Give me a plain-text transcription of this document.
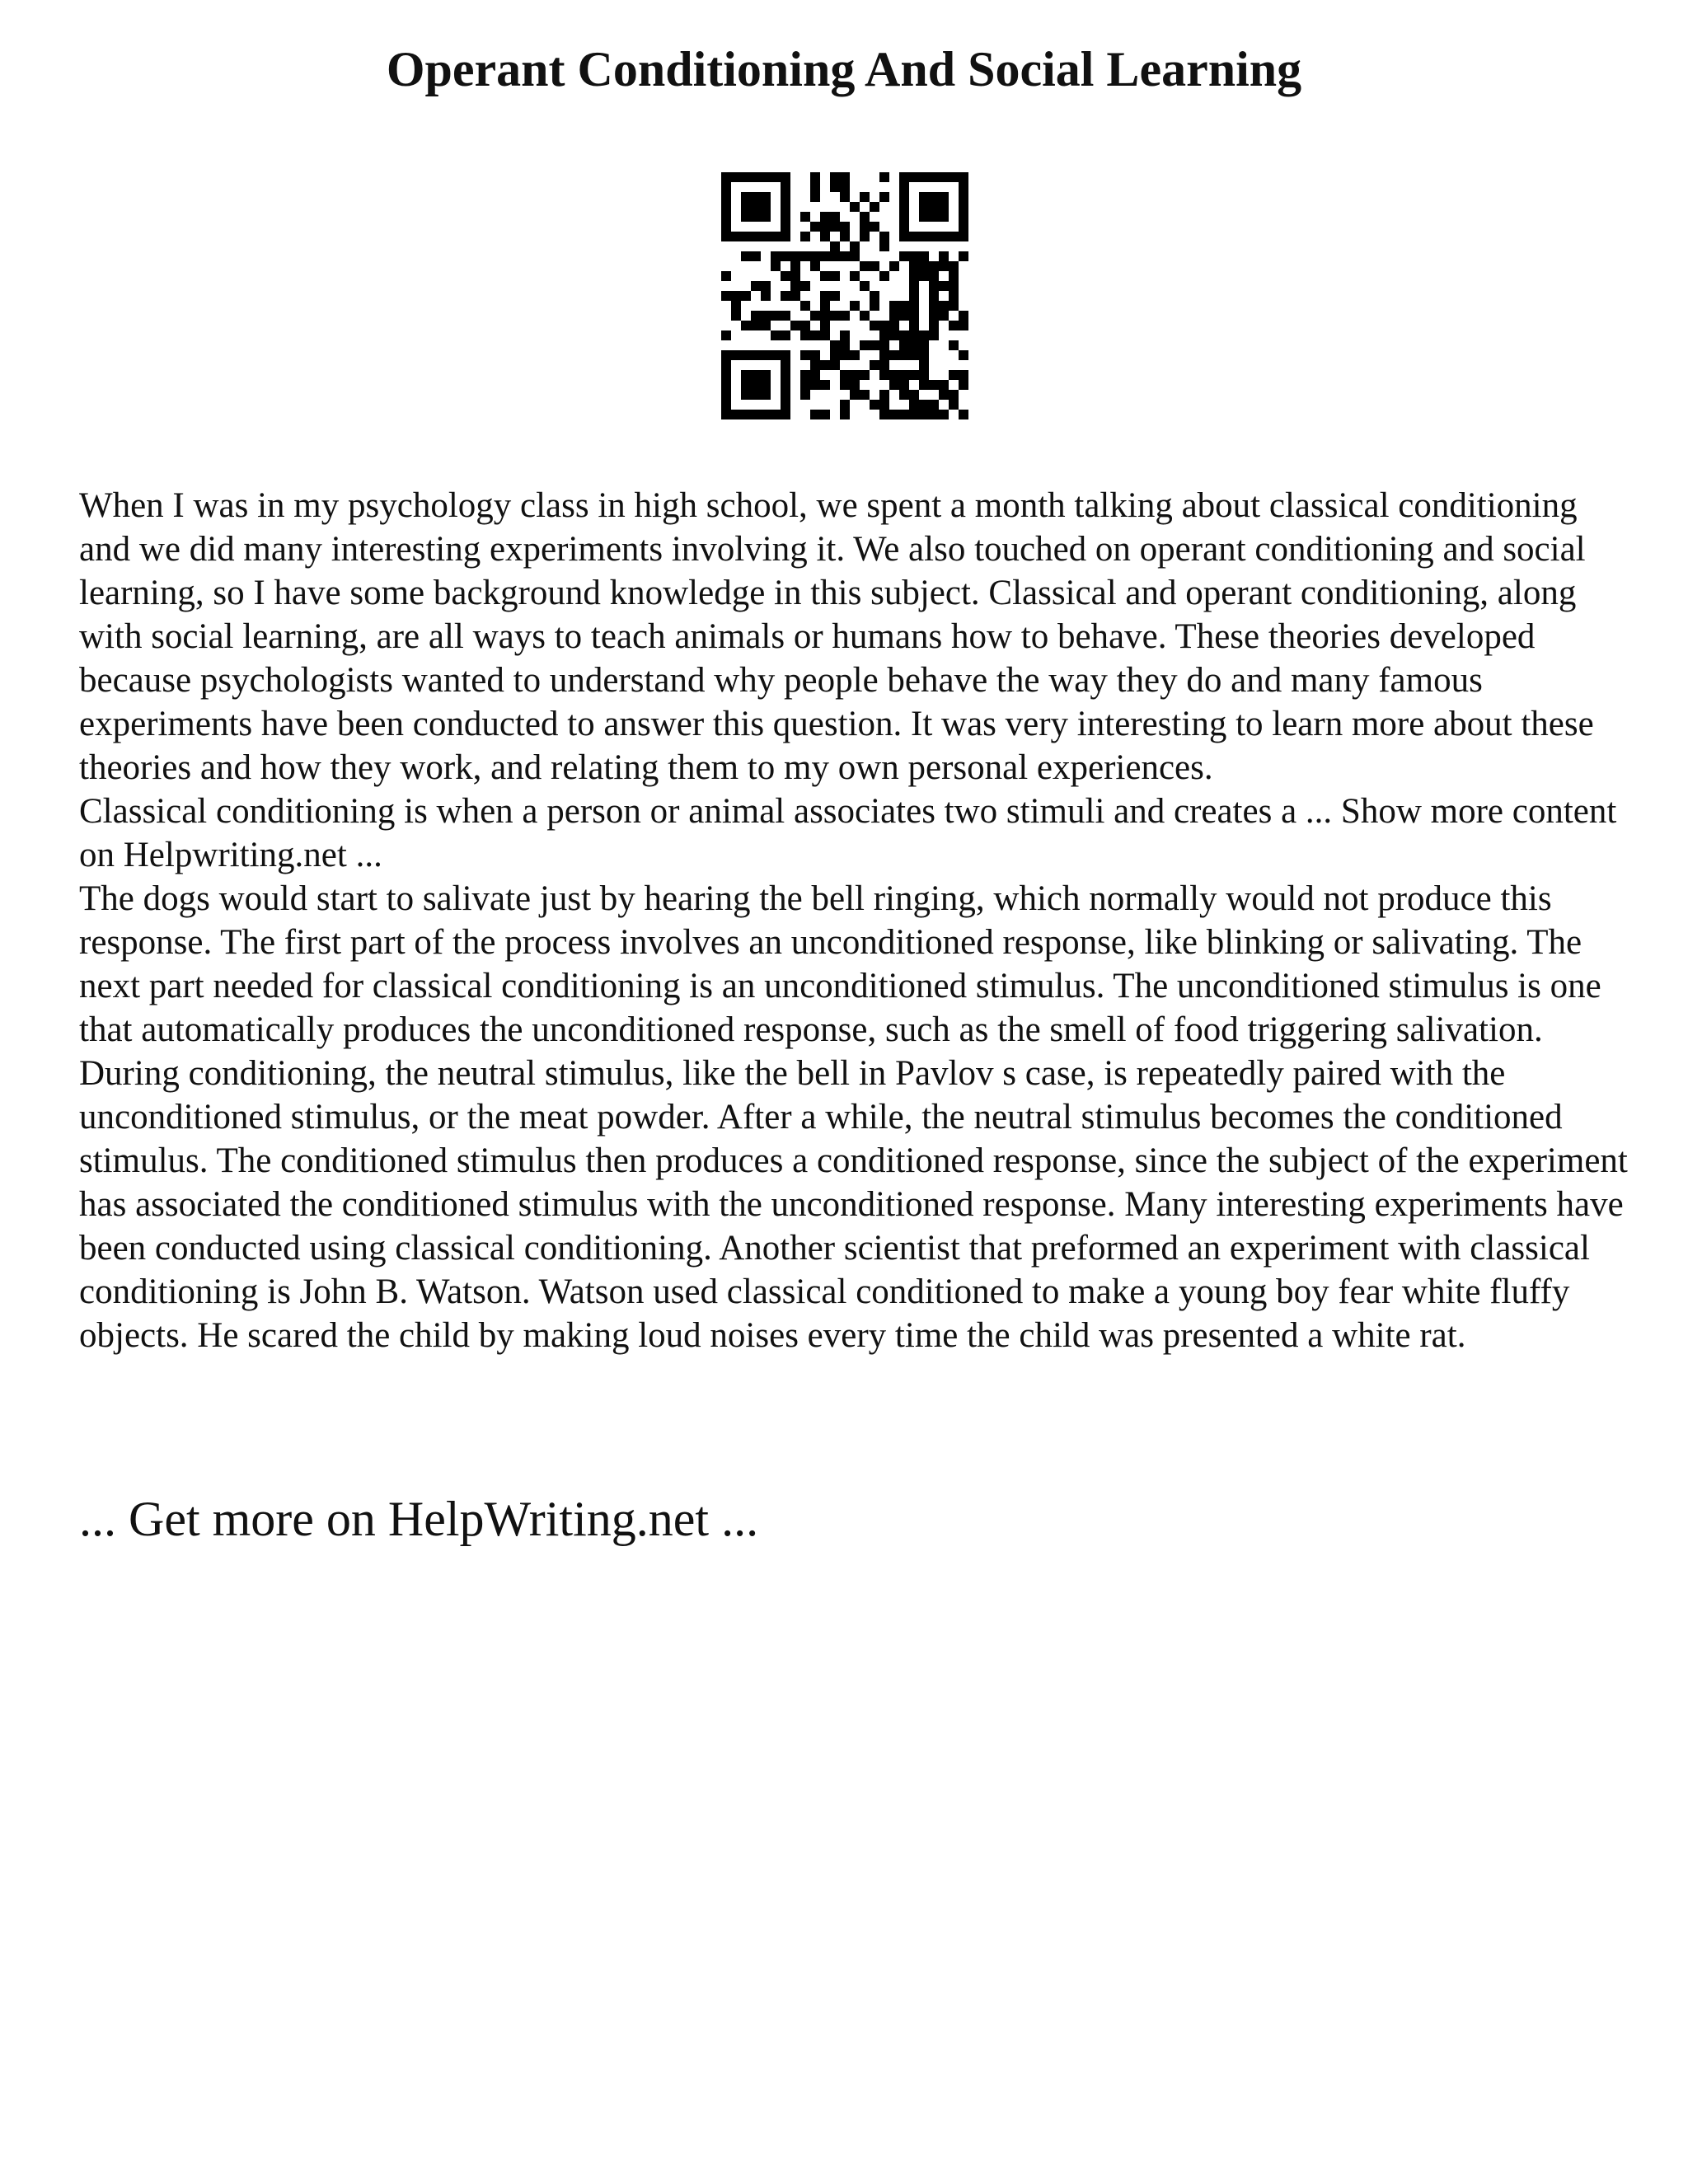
Operant Conditioning And Social Learning

When I was in my psychology class in high school, we spent a month talking about classical conditioning and we did many interesting experiments involving it. We also touched on operant conditioning and social learning, so I have some background knowledge in this subject. Classical and operant conditioning, along with social learning, are all ways to teach animals or humans how to behave. These theories developed because psychologists wanted to understand why people behave the way they do and many famous experiments have been conducted to answer this question. It was very interesting to learn more about these theories and how they work, and relating them to my own personal experiences.

Classical conditioning is when a person or animal associates two stimuli and creates a ... Show more content on Helpwriting.net ...

The dogs would start to salivate just by hearing the bell ringing, which normally would not produce this response. The first part of the process involves an unconditioned response, like blinking or salivating. The next part needed for classical conditioning is an unconditioned stimulus. The unconditioned stimulus is one that automatically produces the unconditioned response, such as the smell of food triggering salivation. During conditioning, the neutral stimulus, like the bell in Pavlov s case, is repeatedly paired with the unconditioned stimulus, or the meat powder. After a while, the neutral stimulus becomes the conditioned stimulus. The conditioned stimulus then produces a conditioned response, since the subject of the experiment has associated the conditioned stimulus with the unconditioned response. Many interesting experiments have been conducted using classical conditioning. Another scientist that preformed an experiment with classical conditioning is John B. Watson. Watson used classical conditioned to make a young boy fear white fluffy objects. He scared the child by making loud noises every time the child was presented a white rat.

... Get more on HelpWriting.net ...
